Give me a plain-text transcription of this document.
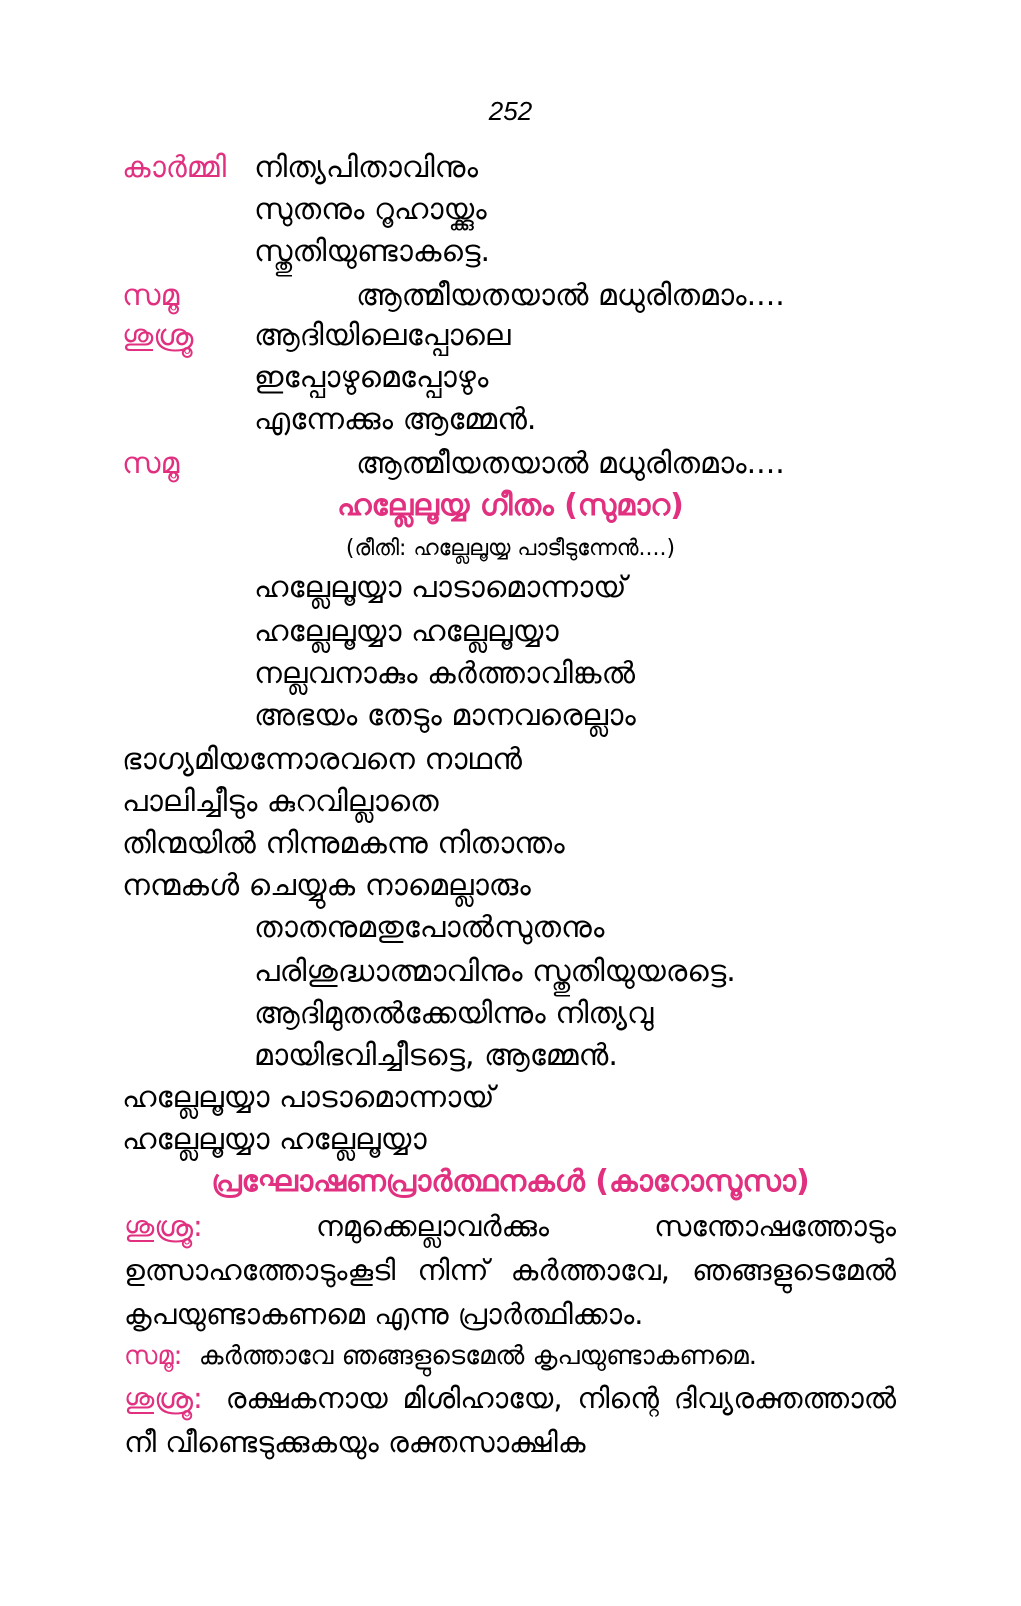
252
കാർമ്മി നിത്യപിതാവിനും
സുതനും റൂഹായ്ക്കും
സ്തുതിയുണ്ടാകട്ടെ.
സമൂ	ആത്മീയതയാൽ മധുരിതമാം....
ശുശ്രൂ ആദിയിലെപ്പോലെ
ഇപ്പോഴുമെപ്പോഴും
എന്നേക്കും ആമ്മേൻ.
സമൂ	ആത്മീയതയാൽ മധുരിതമാം....
ഹല്ലേലൂയ്യ ഗീതം (സുമാറ)
(രീതി: ഹല്ലേലൂയ്യ പാടീടുന്നേൻ....)
ഹല്ലേലൂയ്യാ പാടാമൊന്നായ്
ഹല്ലേലൂയ്യാ ഹല്ലേലൂയ്യാ
നല്ലവനാകും കർത്താവിങ്കൽ
അഭയം തേടും മാനവരെല്ലാം
ഭാഗ്യമിയന്നോരവനെ നാഥൻ
പാലിച്ചീടും കുറവില്ലാതെ
തിന്മയിൽ നിന്നുമകന്നു നിതാന്തം
നന്മകൾ ചെയ്യുക നാമെല്ലാരും
താതനുമതുപോൽസുതനും
പരിശുദ്ധാത്മാവിനും സ്തുതിയുയരട്ടെ.
ആദിമുതൽക്കേയിന്നും നിത്യവു
മായിഭവിച്ചീടട്ടെ, ആമ്മേൻ.
ഹല്ലേലൂയ്യാ പാടാമൊന്നായ്
ഹല്ലേലൂയ്യാ ഹല്ലേലൂയ്യാ
പ്രഘോഷണപ്രാർത്ഥനകൾ (കാറോസൂസാ)
ശുശ്രൂ:	നമുക്കെല്ലാവർക്കും സന്തോഷത്തോടും ഉത്സാഹത്തോടുംകൂടി നിന്ന് കർത്താവേ, ഞങ്ങളുടെമേൽ കൃപയുണ്ടാകണമെ എന്നു പ്രാർത്ഥിക്കാം.
സമൂ: കർത്താവേ ഞങ്ങളുടെമേൽ കൃപയുണ്ടാകണമെ.
ശുശ്രൂ: രക്ഷകനായ മിശിഹായേ, നിന്റെ ദിവ്യരക്തത്താൽ നീ വീണ്ടെടുക്കുകയും രക്തസാക്ഷിക
